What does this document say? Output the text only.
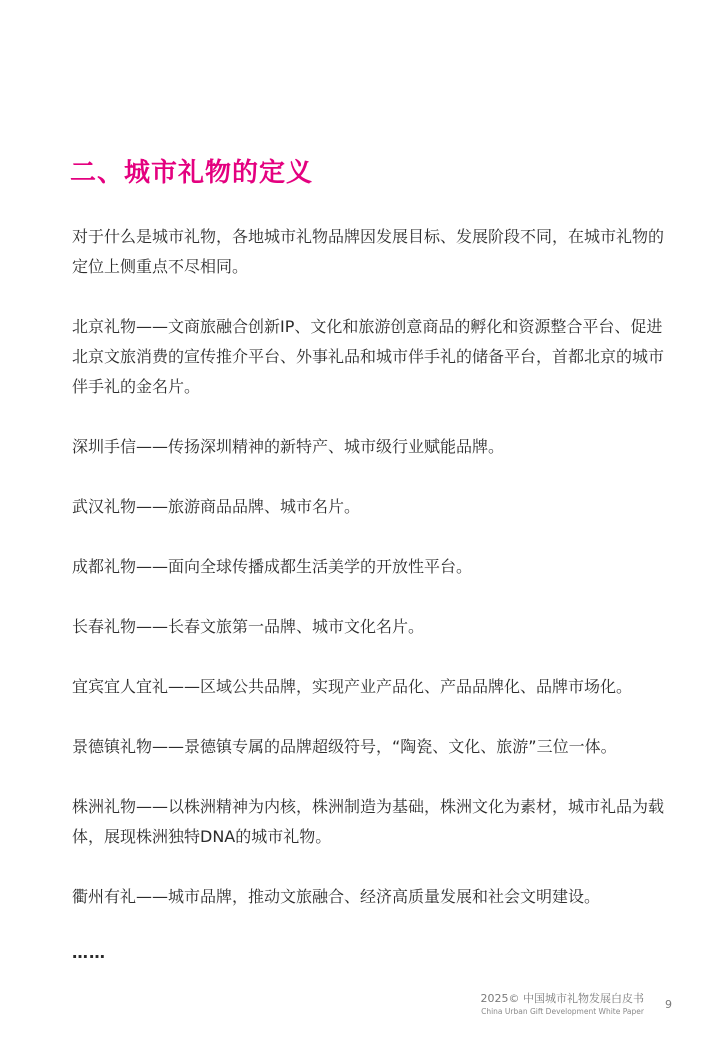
二、城市礼物的定义

对于什么是城市礼物，各地城市礼物品牌因发展目标、发展阶段不同，在城市礼物的定位上侧重点不尽相同。

北京礼物——文商旅融合创新IP、文化和旅游创意商品的孵化和资源整合平台、促进北京文旅消费的宣传推介平台、外事礼品和城市伴手礼的储备平台，首都北京的城市伴手礼的金名片。

深圳手信——传扬深圳精神的新特产、城市级行业赋能品牌。

武汉礼物——旅游商品品牌、城市名片。

成都礼物——面向全球传播成都生活美学的开放性平台。

长春礼物——长春文旅第一品牌、城市文化名片。

宜宾宜人宜礼——区域公共品牌，实现产业产品化、产品品牌化、品牌市场化。

景德镇礼物——景德镇专属的品牌超级符号，“陶瓷、文化、旅游”三位一体。

株洲礼物——以株洲精神为内核，株洲制造为基础，株洲文化为素材，城市礼品为载体，展现株洲独特DNA的城市礼物。

衢州有礼——城市品牌，推动文旅融合、经济高质量发展和社会文明建设。

……

2025© 中国城市礼物发展白皮书
China Urban Gift Development White Paper
9
